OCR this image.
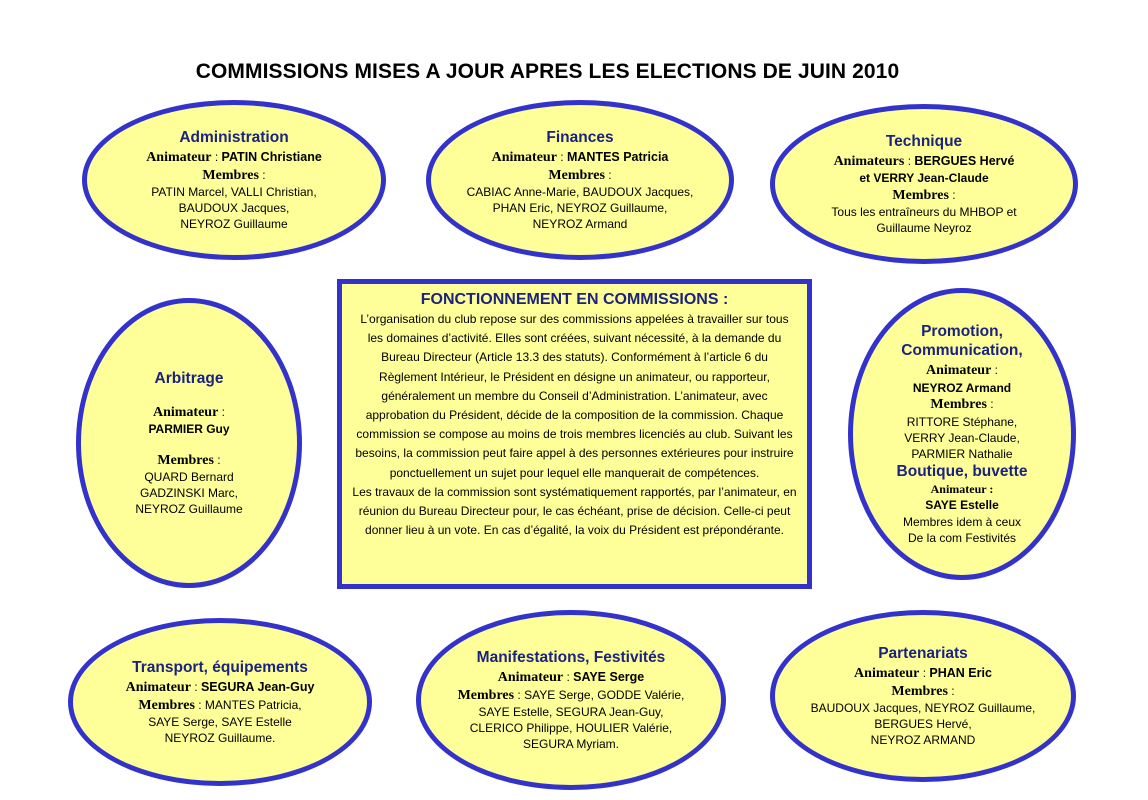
COMMISSIONS MISES A JOUR APRES LES ELECTIONS DE JUIN 2010
Administration
Animateur : PATIN Christiane
Membres :
PATIN Marcel, VALLI Christian,
BAUDOUX Jacques,
NEYROZ Guillaume
Finances
Animateur : MANTES Patricia
Membres :
CABIAC Anne-Marie, BAUDOUX Jacques,
PHAN Eric, NEYROZ Guillaume,
NEYROZ Armand
Technique
Animateurs : BERGUES Hervé
et VERRY Jean-Claude
Membres :
Tous les entraîneurs du MHBOP et
Guillaume Neyroz
Arbitrage
Animateur :
PARMIER Guy
Membres :
QUARD Bernard
GADZINSKI Marc,
NEYROZ Guillaume
FONCTIONNEMENT EN COMMISSIONS :

L’organisation du club repose sur des commissions appelées à travailler sur tous les domaines d’activité. Elles sont créées, suivant nécessité, à la demande du Bureau Directeur (Article 13.3 des statuts). Conformément à l’article 6 du Règlement Intérieur, le Président en désigne un animateur, ou rapporteur, généralement un membre du Conseil d’Administration. L’animateur, avec approbation du Président, décide de la composition de la commission. Chaque commission se compose au moins de trois membres licenciés au club. Suivant les besoins, la commission peut faire appel à des personnes extérieures pour instruire ponctuellement un sujet pour lequel elle manquerait de compétences.

Les travaux de la commission sont systématiquement rapportés, par l’animateur, en réunion du Bureau Directeur pour, le cas échéant, prise de décision. Celle-ci peut donner lieu à un vote. En cas d’égalité, la voix du Président est prépondérante.

Promotion,
Communication,
Animateur :
NEYROZ Armand
Membres :
RITTORE Stéphane,
VERRY Jean-Claude,
PARMIER Nathalie
Boutique, buvette
Animateur :
SAYE Estelle
Membres idem à ceux
De la com Festivités
Transport, équipements
Animateur : SEGURA Jean-Guy
Membres : MANTES Patricia,
SAYE Serge, SAYE Estelle
NEYROZ Guillaume.
Manifestations, Festivités
Animateur : SAYE Serge
Membres : SAYE Serge, GODDE Valérie,
SAYE Estelle, SEGURA Jean-Guy,
CLERICO Philippe, HOULIER Valérie,
SEGURA Myriam.
Partenariats
Animateur : PHAN Eric
Membres :
BAUDOUX Jacques, NEYROZ Guillaume,
BERGUES Hervé,
NEYROZ ARMAND
